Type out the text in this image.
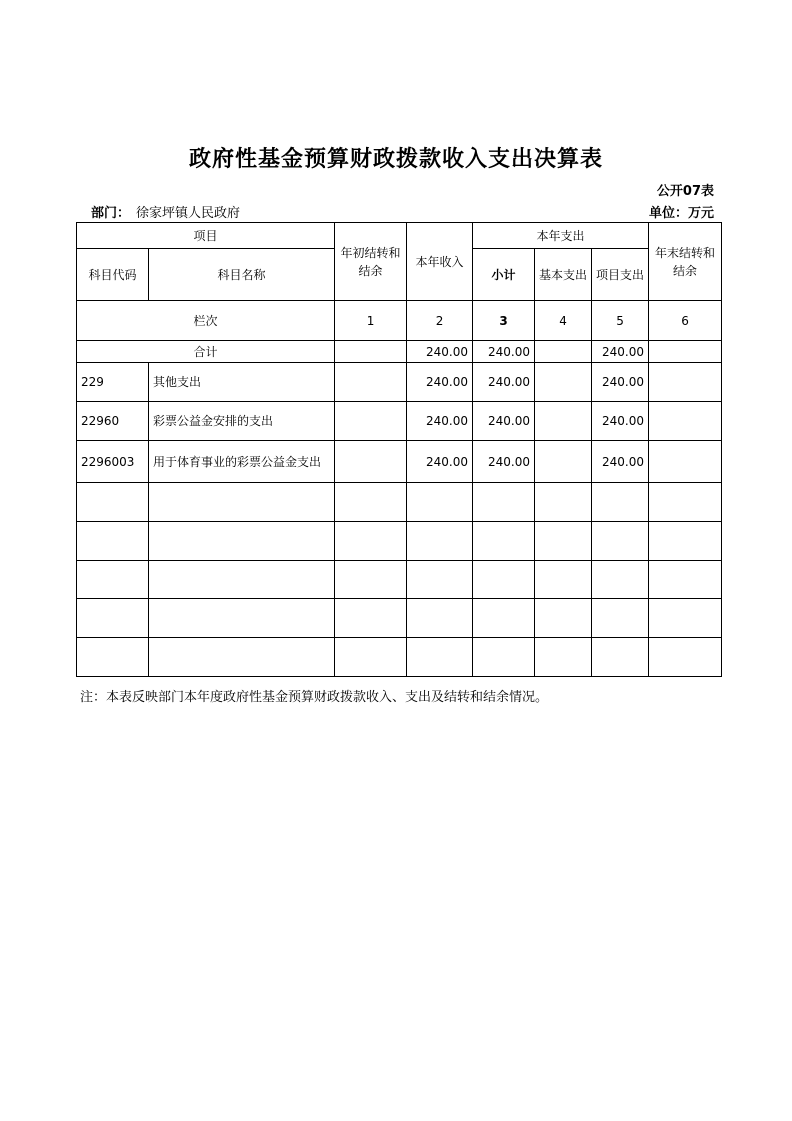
政府性基金预算财政拨款收入支出决算表
公开07表
部门： 徐家坪镇人民政府	单位：万元
项目		年初结转和结余	本年收入	本年支出			年末结转和结余
科目代码	科目名称			小计	基本支出	项目支出	
栏次		1	2	3	4	5	6
合计			240.00	240.00		240.00	
229	其他支出		240.00	240.00		240.00	
22960	彩票公益金安排的支出		240.00	240.00		240.00	
2296003	用于体育事业的彩票公益金支出		240.00	240.00		240.00	

注：本表反映部门本年度政府性基金预算财政拨款收入、支出及结转和结余情况。
